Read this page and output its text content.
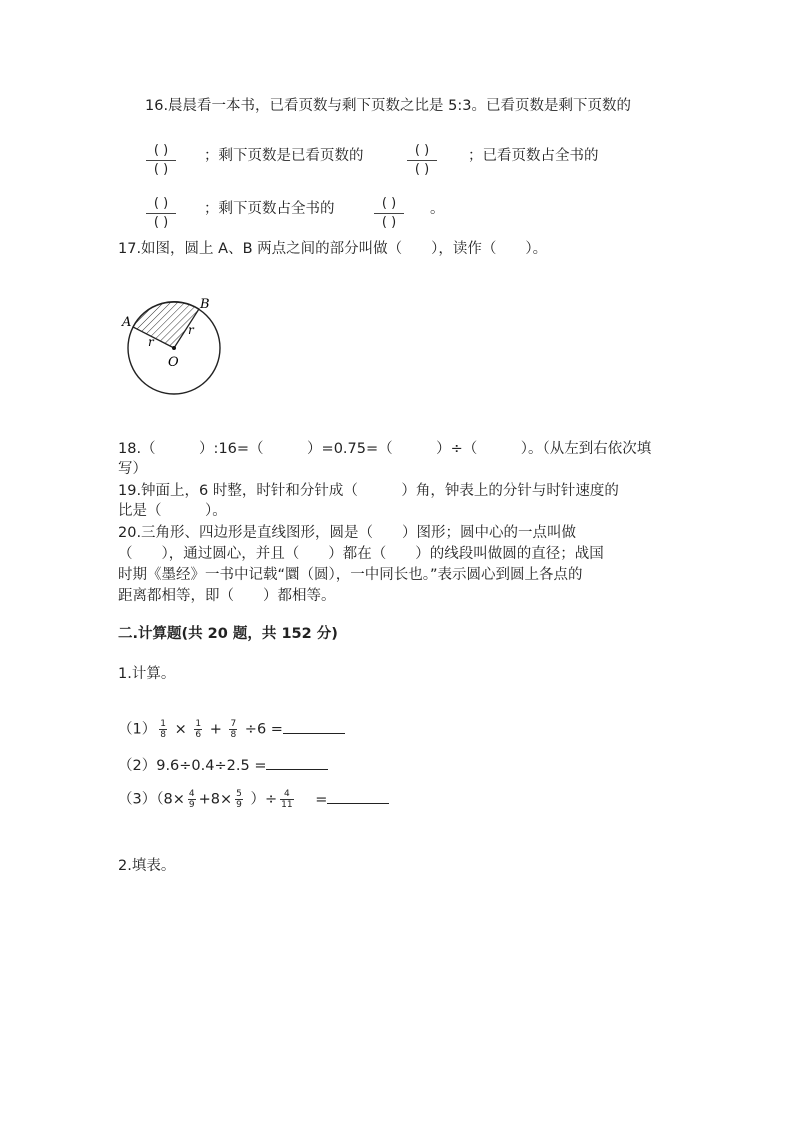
16.晨晨看一本书，已看页数与剩下页数之比是 5:3。已看页数是剩下页数的
( )
( )
；剩下页数是已看页数的	( )
( )
；已看页数占全书的
( )
( )
；剩下页数占全书的	( )
( )
。
17.如图，圆上 A、B 两点之间的部分叫做（　　），读作（　　）。
A
B
O
r
r
18.（　　　）:16=（　　　）=0.75=（　　　）÷（　　　）。（从左到右依次填
写）
19.钟面上，6 时整，时针和分针成（　　　）角，钟表上的分针与时针速度的
比是（　　　）。
20.三角形、四边形是直线图形，圆是（　　）图形；圆中心的一点叫做
（　　），通过圆心，并且（　　）都在（　　）的线段叫做圆的直径；战国
时期《墨经》一书中记载“圜（圆），一中同长也。”表示圆心到圆上各点的
距离都相等，即（　　）都相等。
二.计算题(共 20 题，共 152 分)
1.计算。
$(1) \frac{1}{8} \times \frac{1}{6} + \frac{7}{8} \div 6$ =
（2）9.6÷0.4÷2.5 =
$(3)(8\times \frac{4}{9} +8\times \frac{5}{9}$ ）÷ $\frac{4}{11}$ =
2.填表。
